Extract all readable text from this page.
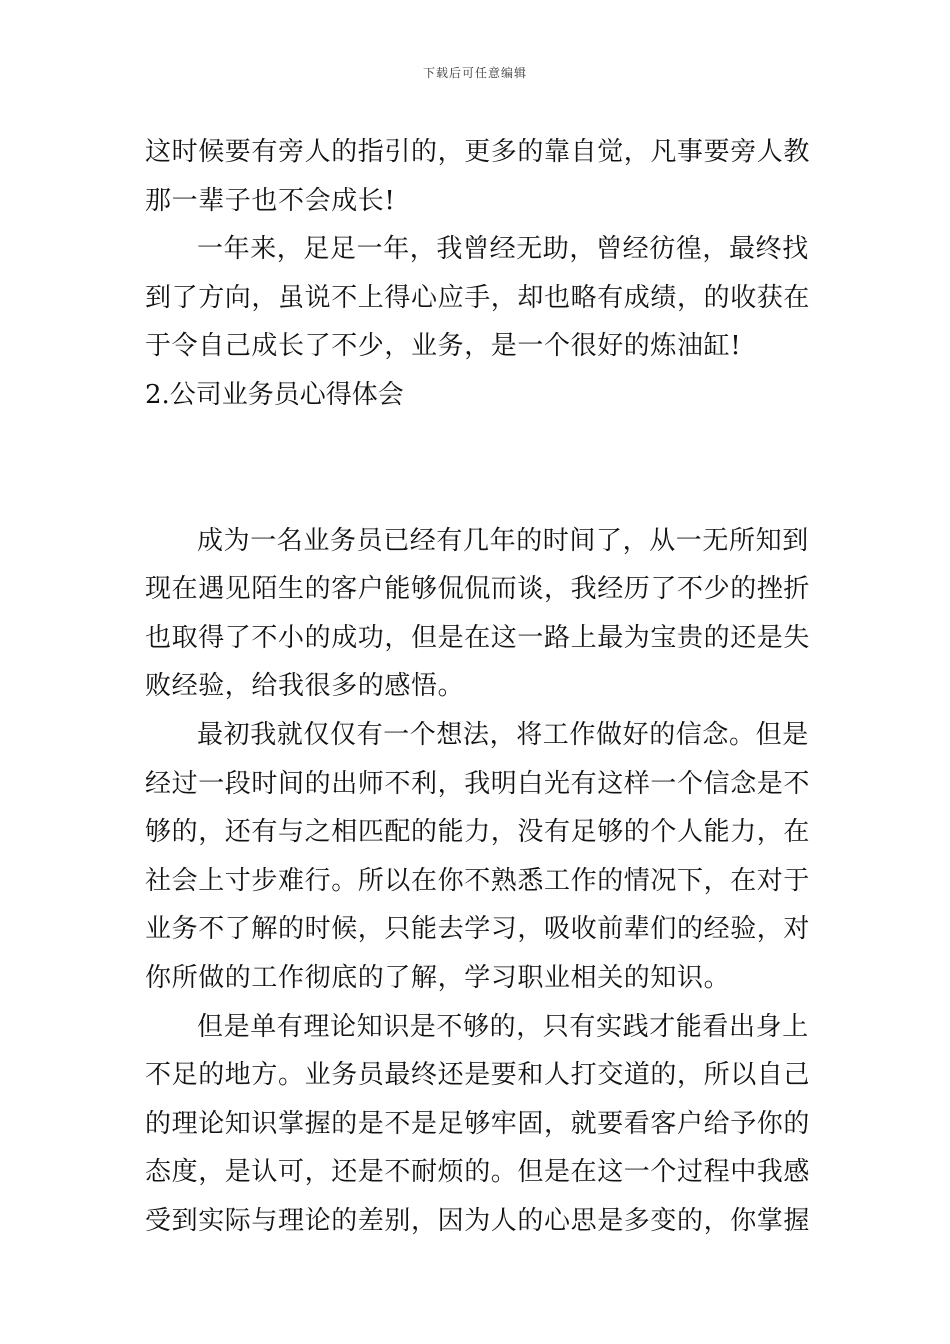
下载后可任意编辑
这时候要有旁人的指引的，更多的靠自觉，凡事要旁人教
那一辈子也不会成长!
一年来，足足一年，我曾经无助，曾经彷徨，最终找
到了方向，虽说不上得心应手，却也略有成绩，的收获在
于令自己成长了不少，业务，是一个很好的炼油缸!
2.公司业务员心得体会
成为一名业务员已经有几年的时间了，从一无所知到
现在遇见陌生的客户能够侃侃而谈，我经历了不少的挫折
也取得了不小的成功，但是在这一路上最为宝贵的还是失
败经验，给我很多的感悟。
最初我就仅仅有一个想法，将工作做好的信念。但是
经过一段时间的出师不利，我明白光有这样一个信念是不
够的，还有与之相匹配的能力，没有足够的个人能力，在
社会上寸步难行。所以在你不熟悉工作的情况下，在对于
业务不了解的时候，只能去学习，吸收前辈们的经验，对
你所做的工作彻底的了解，学习职业相关的知识。
但是单有理论知识是不够的，只有实践才能看出身上
不足的地方。业务员最终还是要和人打交道的，所以自己
的理论知识掌握的是不是足够牢固，就要看客户给予你的
态度，是认可，还是不耐烦的。但是在这一个过程中我感
受到实际与理论的差别，因为人的心思是多变的，你掌握
